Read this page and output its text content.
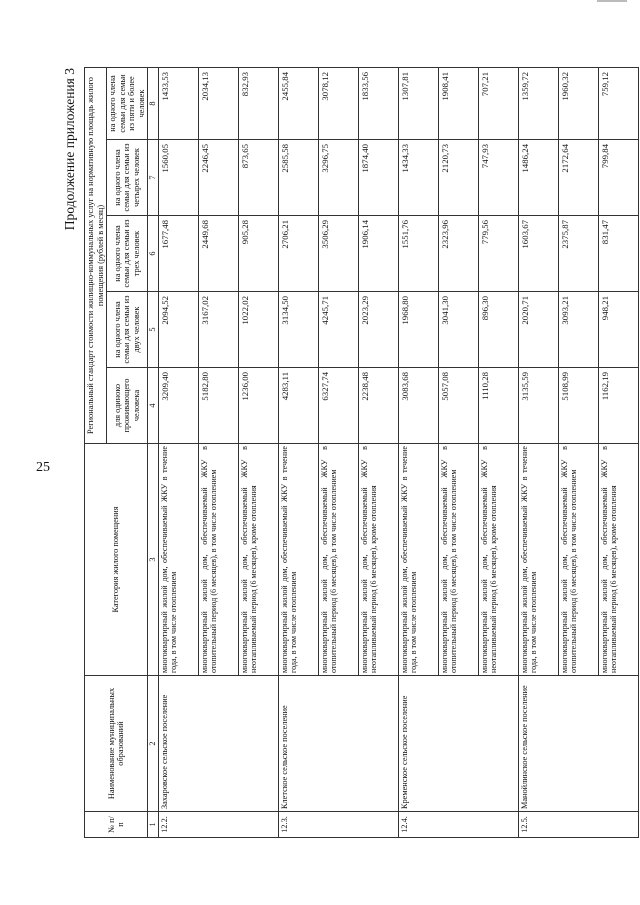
25
Продолжение приложения 3
№ п/п	Наименование муниципальных образований	Категория жилого помещения	Региональный стандарт стоимости жилищно-коммунальных услуг на нормативную площадь жилого помещения (рублей в месяц)				
			для одиноко проживающего человека	на одного члена семьи для семьи из двух человек	на одного члена семьи для семьи из трех человек	на одного члена семьи для семьи из четырех человек	на одного члена семьи для семьи из пяти и более человек
1	2	3	4	5	6	7	8
12.2.	Захаровское сельское поселение	многоквартирный жилой дом, обеспечиваемый ЖКУ в течение года, в том числе отоплением	3209,40	2094,52	1677,48	1560,05	1433,53
		многоквартирный жилой дом, обеспечиваемый ЖКУ в отопительный период (6 месяцев), в том числе отоплением	5182,80	3167,02	2449,68	2246,45	2034,13
		многоквартирный жилой дом, обеспечиваемый ЖКУ в неотапливаемый период (6 месяцев), кроме отопления	1236,00	1022,02	905,28	873,65	832,93
12.3.	Клетское сельское поселение	многоквартирный жилой дом, обеспечиваемый ЖКУ в течение года, в том числе отоплением	4283,11	3134,50	2706,21	2585,58	2455,84
		многоквартирный жилой дом, обеспечиваемый ЖКУ в отопительный период (6 месяцев), в том числе отоплением	6327,74	4245,71	3506,29	3296,75	3078,12
		многоквартирный жилой дом, обеспечиваемый ЖКУ в неотапливаемый период (6 месяцев), кроме отопления	2238,48	2023,29	1906,14	1874,40	1833,56
12.4.	Кременское сельское поселение	многоквартирный жилой дом, обеспечиваемый ЖКУ в течение года, в том числе отоплением	3083,68	1968,80	1551,76	1434,33	1307,81
		многоквартирный жилой дом, обеспечиваемый ЖКУ в отопительный период (6 месяцев), в том числе отоплением	5057,08	3041,30	2323,96	2120,73	1908,41
		многоквартирный жилой дом, обеспечиваемый ЖКУ в неотапливаемый период (6 месяцев), кроме отопления	1110,28	896,30	779,56	747,93	707,21
12.5.	Манойлинское сельское поселение	многоквартирный жилой дом, обеспечиваемый ЖКУ в течение года, в том числе отоплением	3135,59	2020,71	1603,67	1486,24	1359,72
		многоквартирный жилой дом, обеспечиваемый ЖКУ в отопительный период (6 месяцев), в том числе отоплением	5108,99	3093,21	2375,87	2172,64	1960,32
		многоквартирный жилой дом, обеспечиваемый ЖКУ в неотапливаемый период (6 месяцев), кроме отопления	1162,19	948,21	831,47	799,84	759,12
